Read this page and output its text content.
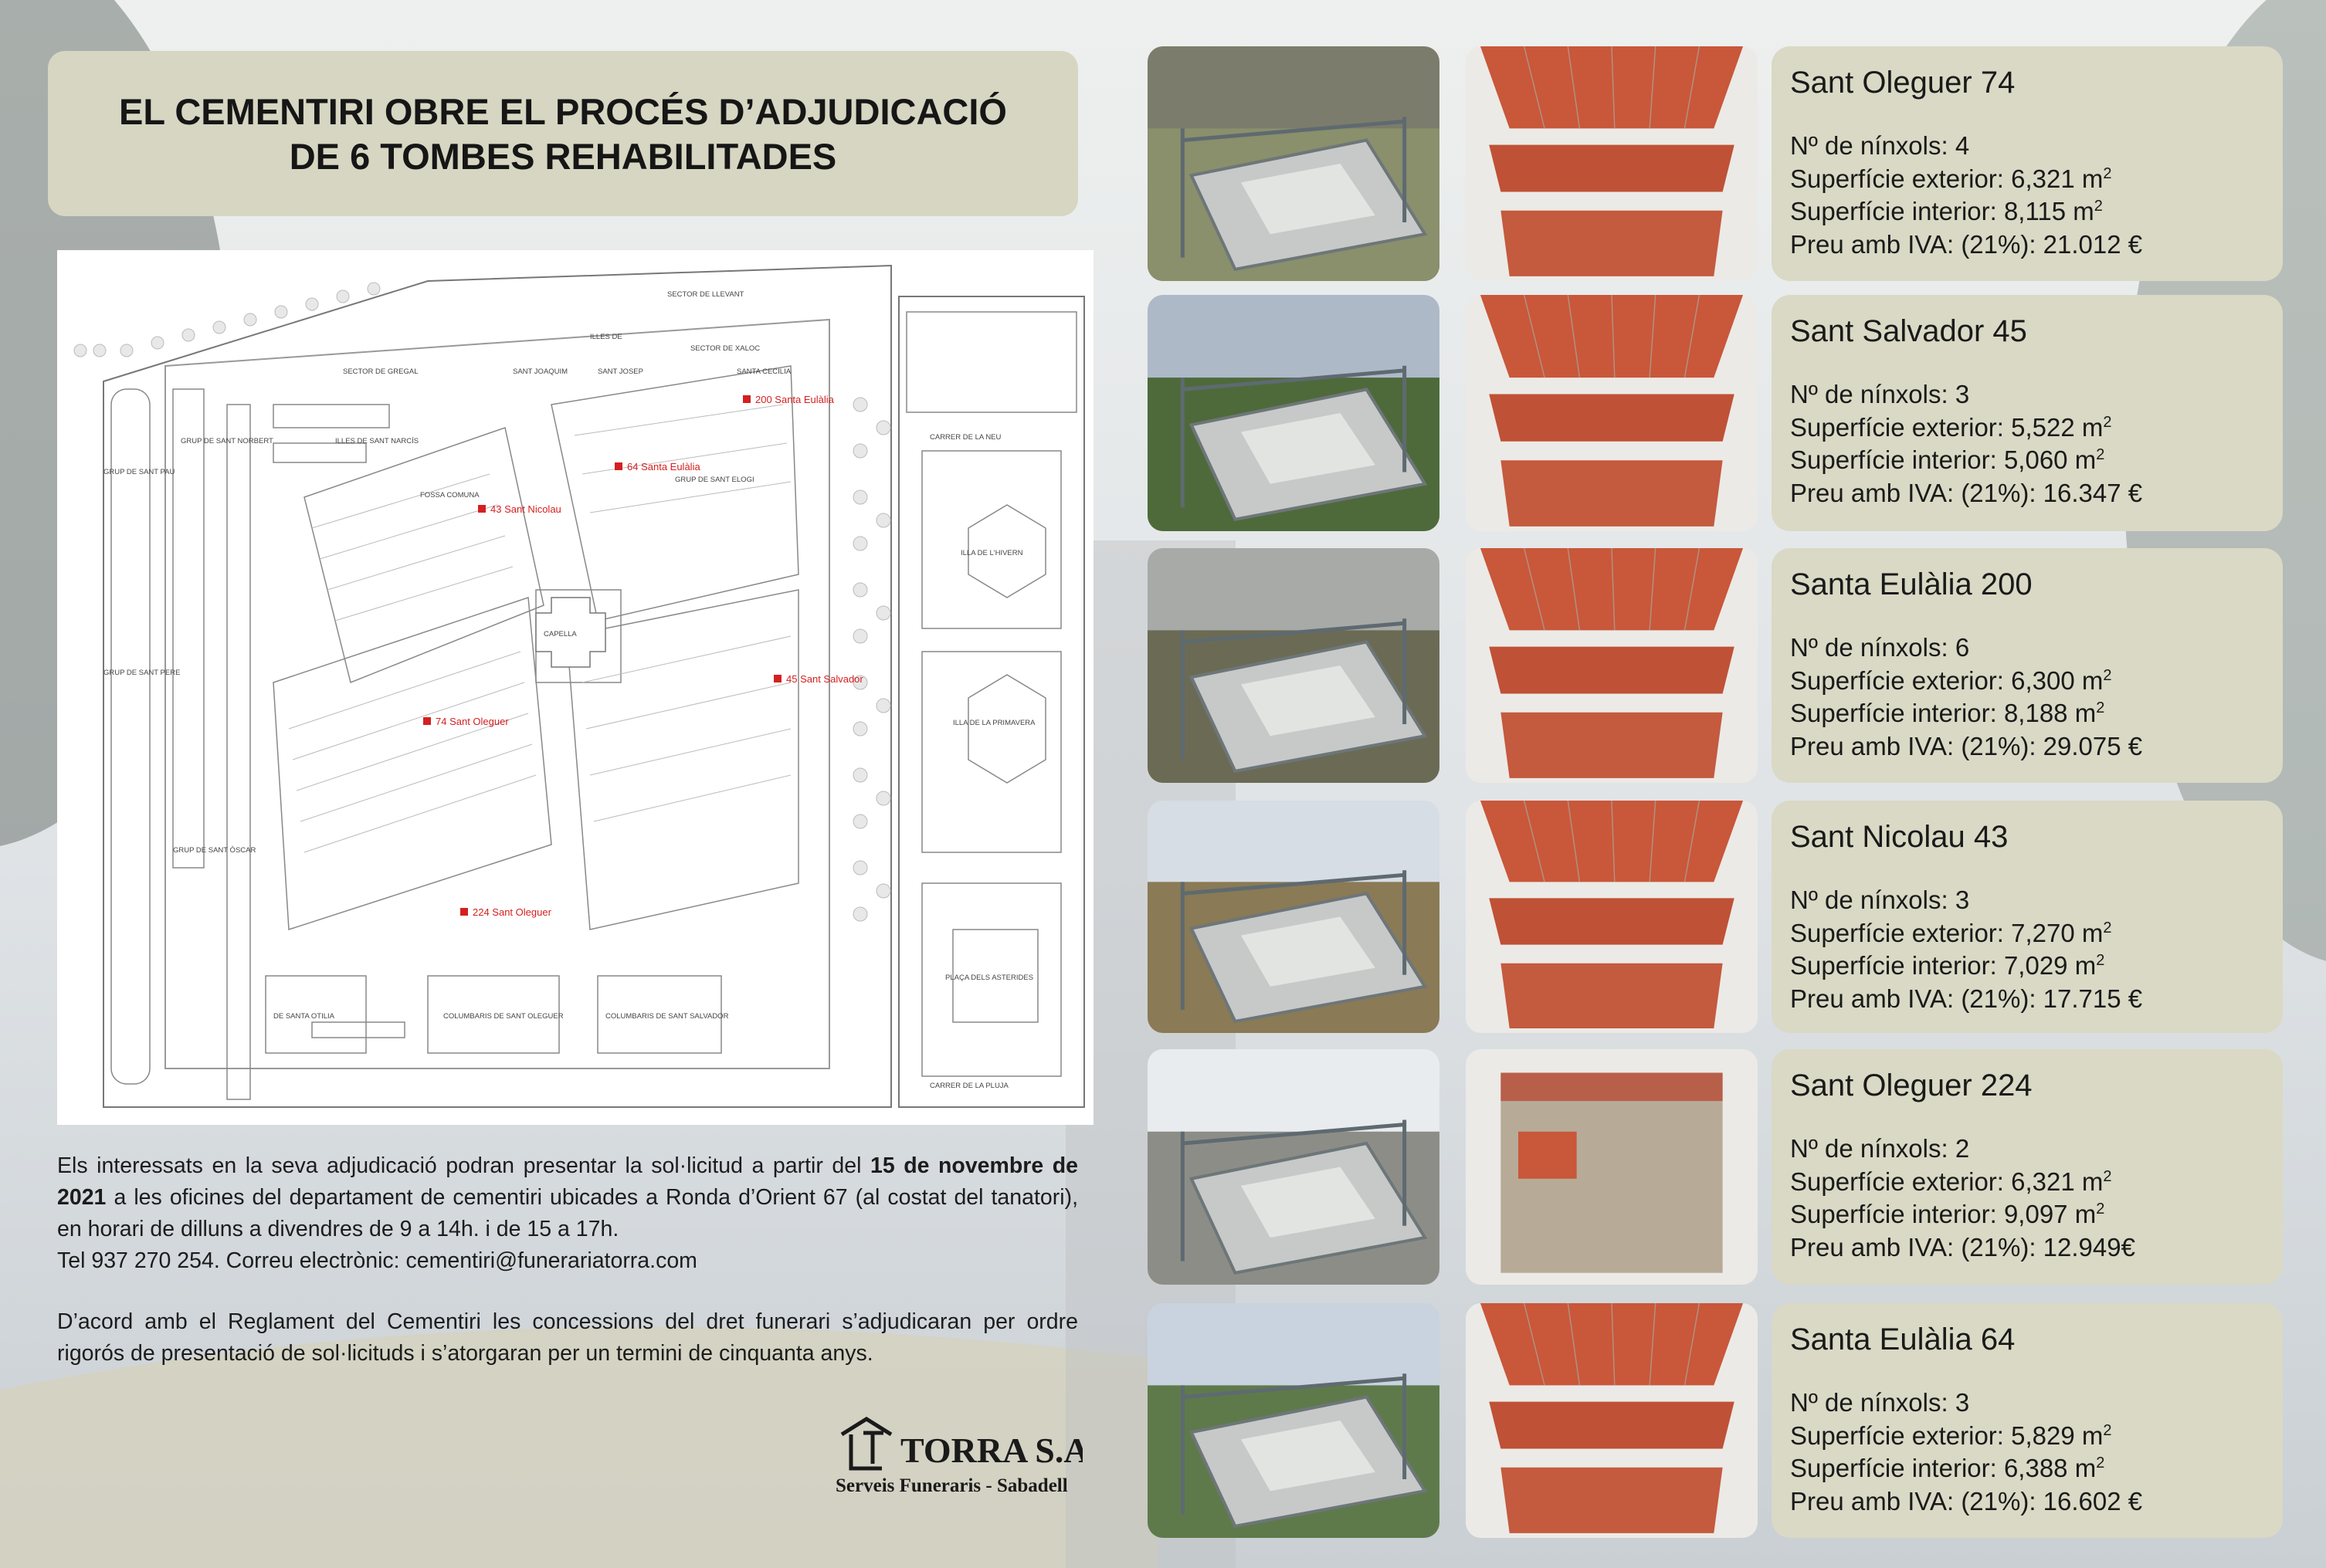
EL CEMENTIRI OBRE EL PROCÉS D’ADJUDICACIÓ
DE 6 TOMBES REHABILITADES
200 Santa Eulàlia
64 Santa Eulàlia
43 Sant Nicolau
45 Sant Salvador
74 Sant Oleguer
224 Sant Oleguer
SECTOR DE GREGAL
SECTOR DE LLEVANT
ILLES DE
SANT JOAQUIM	SANT JOSEP
SECTOR DE XALOC
SANTA CECILIA
ILLES DE SANT NARCÍS
FOSSA COMUNA
GRUP DE SANT ELOGI
CAPELLA
GRUP DE SANT PAU
GRUP DE SANT NORBERT
GRUP DE SANT PERE
GRUP DE SANT ÒSCAR
ILLA DE L'HIVERN
ILLA DE LA PRIMAVERA
PLAÇA DELS ASTERIDES
COLUMBARIS DE SANT OLEGUER	COLUMBARIS DE SANT SALVADOR
DE SANTA OTILIA
CARRER DE LA NEU
CARRER DE LA PLUJA

Els interessats en la seva adjudicació podran presentar la sol·licitud a partir del 15 de novembre de 2021 a les oficines del departament de cementiri ubicades a Ronda d’Orient 67 (al costat del tanatori), en horari de dilluns a divendres de 9 a 14h. i de 15 a 17h.

Tel 937 270 254. Correu electrònic: cementiri@funerariatorra.com

D’acord amb el Reglament del Cementiri les concessions del dret funerari s’adjudicaran per ordre rigorós de presentació de sol·licituds i s’atorgaran per un termini de cinquanta anys.

TORRA S.A.
Serveis Funeraris - Sabadell
Sant Oleguer 74
Nº de nínxols: 4
Superfície exterior: 6,321 $m^2$
Superfície interior: 8,115 $m^2$
Preu amb IVA: (21%): 21.012 €
Sant Salvador 45
Nº de nínxols: 3
Superfície exterior: 5,522 $m^2$
Superfície interior: 5,060 $m^2$
Preu amb IVA: (21%): 16.347 €
Santa Eulàlia 200
Nº de nínxols: 6
Superfície exterior: 6,300 $m^2$
Superfície interior: 8,188 $m^2$
Preu amb IVA: (21%): 29.075 €
Sant Nicolau 43
Nº de nínxols: 3
Superfície exterior: 7,270 $m^2$
Superfície interior: 7,029 $m^2$
Preu amb IVA: (21%): 17.715 €
Sant Oleguer 224
Nº de nínxols: 2
Superfície exterior: 6,321 $m^2$
Superfície interior: 9,097 $m^2$
Preu amb IVA: (21%): 12.949€
Santa Eulàlia 64
Nº de nínxols: 3
Superfície exterior: 5,829 $m^2$
Superfície interior: 6,388 $m^2$
Preu amb IVA: (21%): 16.602 €
